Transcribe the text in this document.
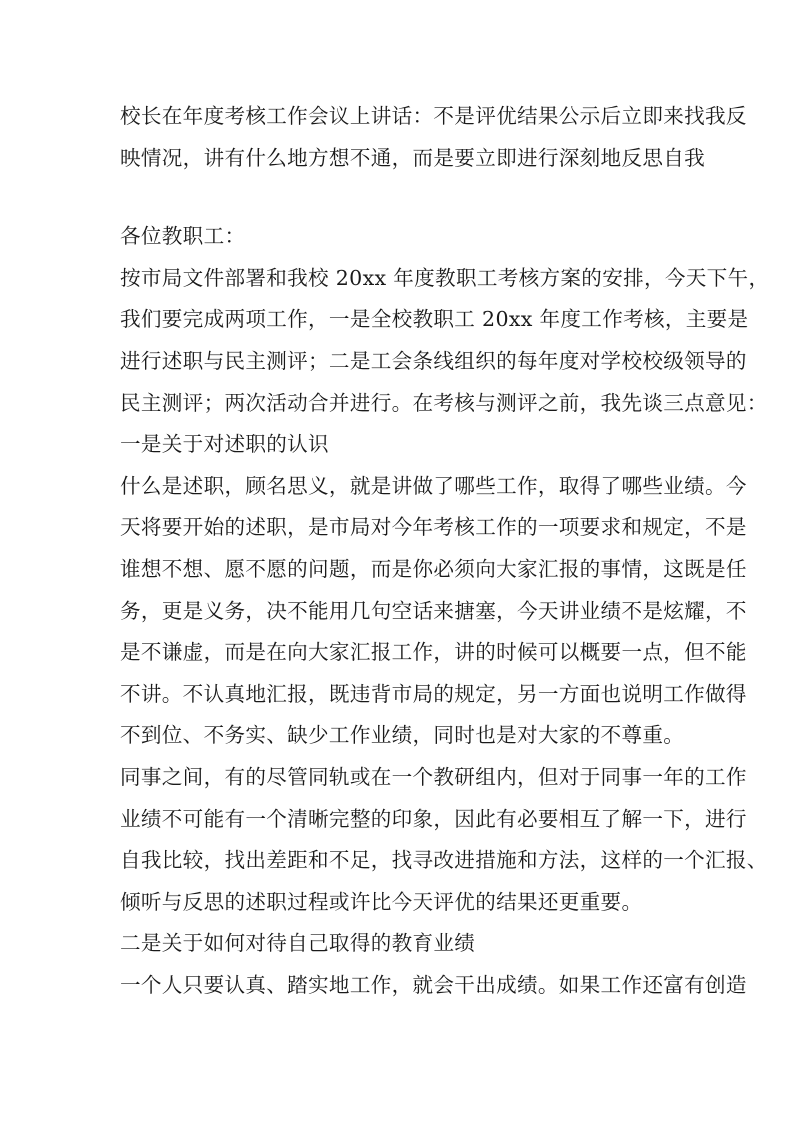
校长在年度考核工作会议上讲话：不是评优结果公示后立即来找我反
映情况，讲有什么地方想不通，而是要立即进行深刻地反思自我
各位教职工：
按市局文件部署和我校 20xx 年度教职工考核方案的安排，今天下午，
我们要完成两项工作，一是全校教职工 20xx 年度工作考核，主要是
进行述职与民主测评；二是工会条线组织的每年度对学校校级领导的
民主测评；两次活动合并进行。在考核与测评之前，我先谈三点意见：
一是关于对述职的认识
什么是述职，顾名思义，就是讲做了哪些工作，取得了哪些业绩。今
天将要开始的述职，是市局对今年考核工作的一项要求和规定，不是
谁想不想、愿不愿的问题，而是你必须向大家汇报的事情，这既是任
务，更是义务，决不能用几句空话来搪塞，今天讲业绩不是炫耀，不
是不谦虚，而是在向大家汇报工作，讲的时候可以概要一点，但不能
不讲。不认真地汇报，既违背市局的规定，另一方面也说明工作做得
不到位、不务实、缺少工作业绩，同时也是对大家的不尊重。
同事之间，有的尽管同轨或在一个教研组内，但对于同事一年的工作
业绩不可能有一个清晰完整的印象，因此有必要相互了解一下，进行
自我比较，找出差距和不足，找寻改进措施和方法，这样的一个汇报、
倾听与反思的述职过程或许比今天评优的结果还更重要。
二是关于如何对待自己取得的教育业绩
一个人只要认真、踏实地工作，就会干出成绩。如果工作还富有创造
